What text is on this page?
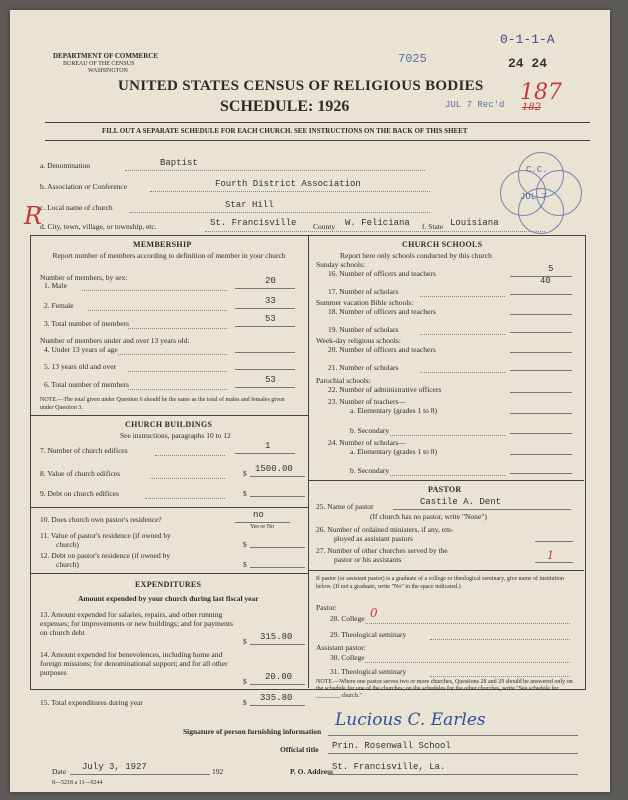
DEPARTMENT OF COMMERCE
BUREAU OF THE CENSUS
WASHINGTON
7025
0-1-1-A
24 24
JUL 7 Rec'd 187
182
UNITED STATES CENSUS OF RELIGIOUS BODIES
SCHEDULE: 1926
FILL OUT A SEPARATE SCHEDULE FOR EACH CHURCH. SEE INSTRUCTIONS ON THE BACK OF THIS SHEET
a. Denomination	Baptist
b. Association or Conference	Fourth District Association
c. Local name of church	Star Hill
d. City, town, village, or township, etc.	St. Francisville County W. Feliciana f. State Louisiana
C.C.
JUL 7
R
MEMBERSHIP
Report number of members according to definition of member in your church
Number of members, by sex:
1. Male	20
2. Female	33
3. Total number of members	53
Number of members under and over 13 years old:
4. Under 13 years of age
5. 13 years old and over
6. Total number of members	53
NOTE.—The total given under Question 6 should be the same as the total of males and females given under Question 3.
CHURCH BUILDINGS
See instructions, paragraphs 10 to 12
7. Number of church edifices	1
8. Value of church edifices	$ 1500.00
9. Debt on church edifices	$
10. Does church own pastor's residence?	no
Yes or No
11. Value of pastor's residence (if owned by
church)	$
12. Debt on pastor's residence (if owned by
church)	$
EXPENDITURES
Amount expended by your church during last fiscal year
13. Amount expended for salaries, repairs, and other running expenses; for improvements or new buildings; and for payments on church debt
$ 315.80
14. Amount expended for benevolences, including home and foreign missions; for denominational support; and for all other purposes
$ 20.00
15. Total expenditures during year	$ 335.80
CHURCH SCHOOLS
Report here only schools conducted by this church
Sunday schools:
16. Number of officers and teachers	5
17. Number of scholars
40
Summer vacation Bible schools:
18. Number of officers and teachers
19. Number of scholars
Week-day religious schools:
20. Number of officers and teachers
21. Number of scholars
Parochial schools:
22. Number of administrative officers
23. Number of teachers—
a. Elementary (grades 1 to 8)
b. Secondary
24. Number of scholars—
a. Elementary (grades 1 to 8)
b. Secondary
PASTOR
25. Name of pastor	Castile A. Dent
(If church has no pastor, write "None")
26. Number of ordained ministers, if any, em-
ployed as assistant pastors
27. Number of other churches served by the
pastor or his assistants	1
If pastor (or assistant pastor) is a graduate of a college or theological seminary, give name of institution below. (If not a graduate, write "No" in the space indicated.)
Pastor:
28. College 0
29. Theological seminary
Assistant pastor:
30. College
31. Theological seminary
NOTE.—Where one pastor serves two or more churches, Questions 28 and 29 should be answered only on the schedule for one of the churches; on the schedules for the other churches, write "See schedule for ________ church."
Signature of person furnishing information
Lucious C. Earles
Official title Prin. Rosenwall School
Date July 3, 1927	192	P. O. Address St. Francisville, La.
8—5218 a 11—9244
